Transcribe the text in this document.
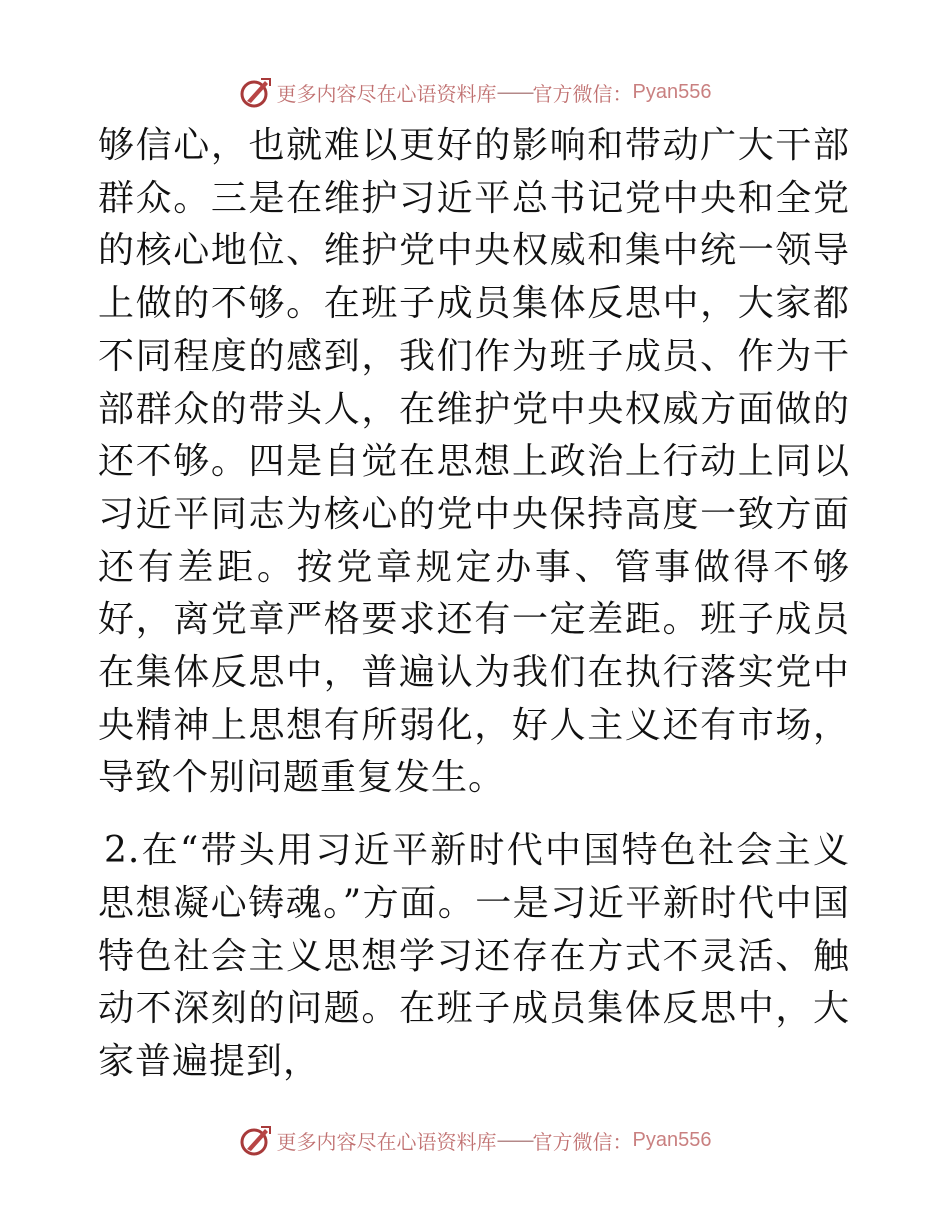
更多内容尽在心语资料库 —— 官方微信： Pyan556

够信心，也就难以更好的影响和带动广大干部群众。三是在维护习近平总书记党中央和全党的核心地位、维护党中央权威和集中统一领导上做的不够。在班子成员集体反思中，大家都不同程度的感到，我们作为班子成员、作为干部群众的带头人，在维护党中央权威方面做的还不够。四是自觉在思想上政治上行动上同以习近平同志为核心的党中央保持高度一致方面还有差距。按党章规定办事、管事做得不够好，离党章严格要求还有一定差距。班子成员在集体反思中，普遍认为我们在执行落实党中央精神上思想有所弱化，好人主义还有市场，导致个别问题重复发生。

2.在“带头用习近平新时代中国特色社会主义思想凝心铸魂。”方面。一是习近平新时代中国特色社会主义思想学习还存在方式不灵活、触动不深刻的问题。在班子成员集体反思中，大家普遍提到，

更多内容尽在心语资料库 —— 官方微信： Pyan556
